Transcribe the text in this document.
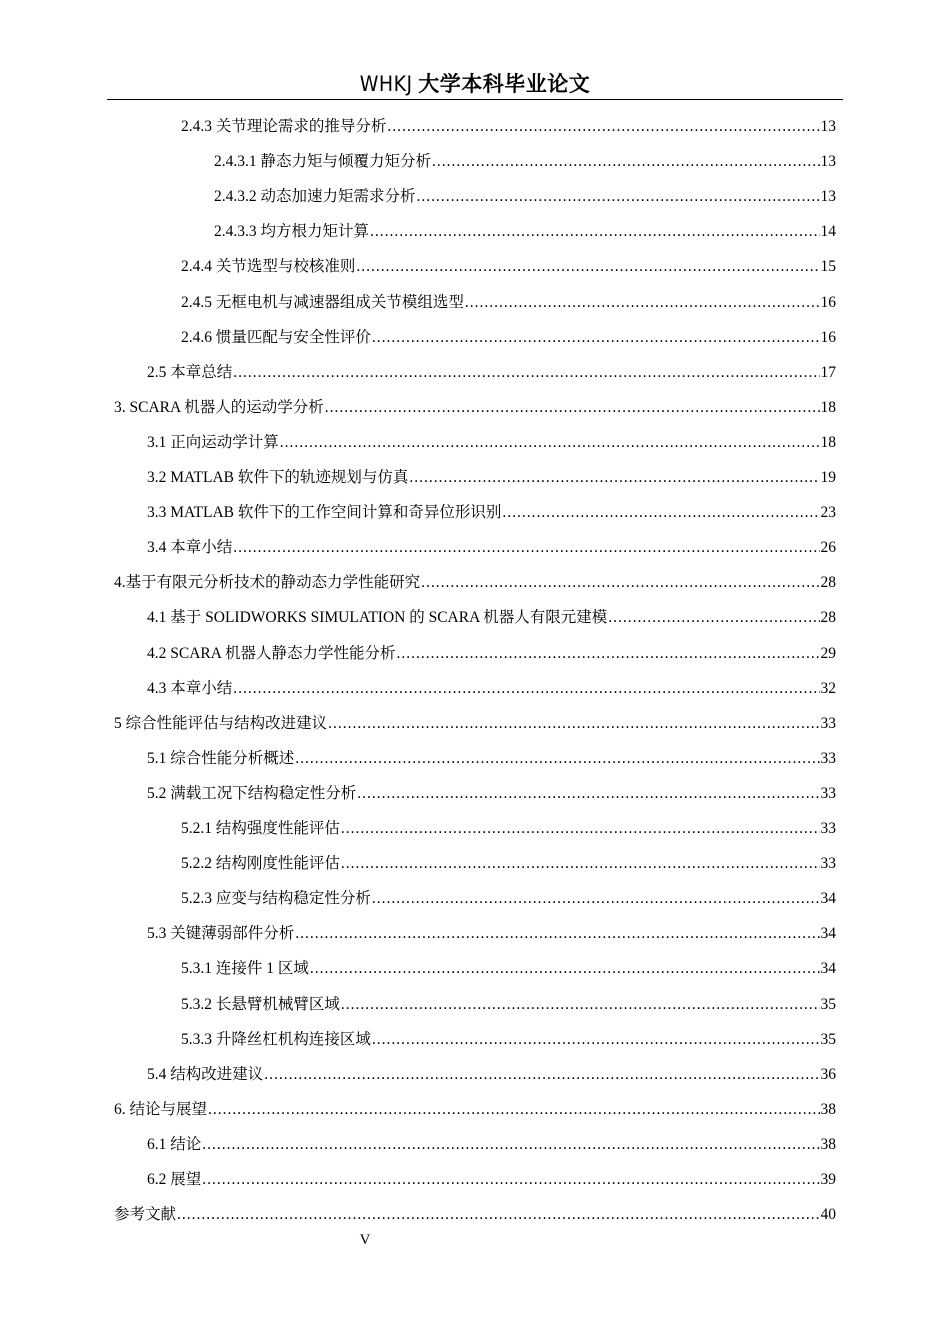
WHKJ 大学本科毕业论文
2.4.3 关节理论需求的推导分析 .....	13
2.4.3.1 静态力矩与倾覆力矩分析 .....	13
2.4.3.2 动态加速力矩需求分析 .....	13
2.4.3.3 均方根力矩计算 .....	14
2.4.4 关节选型与校核准则 .....	15
2.4.5 无框电机与减速器组成关节模组选型 .....	16
2.4.6 惯量匹配与安全性评价 .....	16
2.5 本章总结 .....	17
3. SCARA 机器人的运动学分析 .....	18
3.1 正向运动学计算 .....	18
3.2 MATLAB 软件下的轨迹规划与仿真 .....	19
3.3 MATLAB 软件下的工作空间计算和奇异位形识别 .....	23
3.4 本章小结 .....	26
4.基于有限元分析技术的静动态力学性能研究 .....	28
4.1 基于 SOLIDWORKS SIMULATION 的 SCARA 机器人有限元建模 .....	28
4.2 SCARA 机器人静态力学性能分析 .....	29
4.3 本章小结 .....	32
5 综合性能评估与结构改进建议 .....	33
5.1 综合性能分析概述 .....	33
5.2 满载工况下结构稳定性分析 .....	33
5.2.1 结构强度性能评估 .....	33
5.2.2 结构刚度性能评估 .....	33
5.2.3 应变与结构稳定性分析 .....	34
5.3 关键薄弱部件分析 .....	34
5.3.1 连接件 1 区域 .....	34
5.3.2 长悬臂机械臂区域 .....	35
5.3.3 升降丝杠机构连接区域 .....	35
5.4 结构改进建议 .....	36
6. 结论与展望 .....	38
6.1 结论 .....	38
6.2 展望 .....	39
参考文献 .....	40
V
